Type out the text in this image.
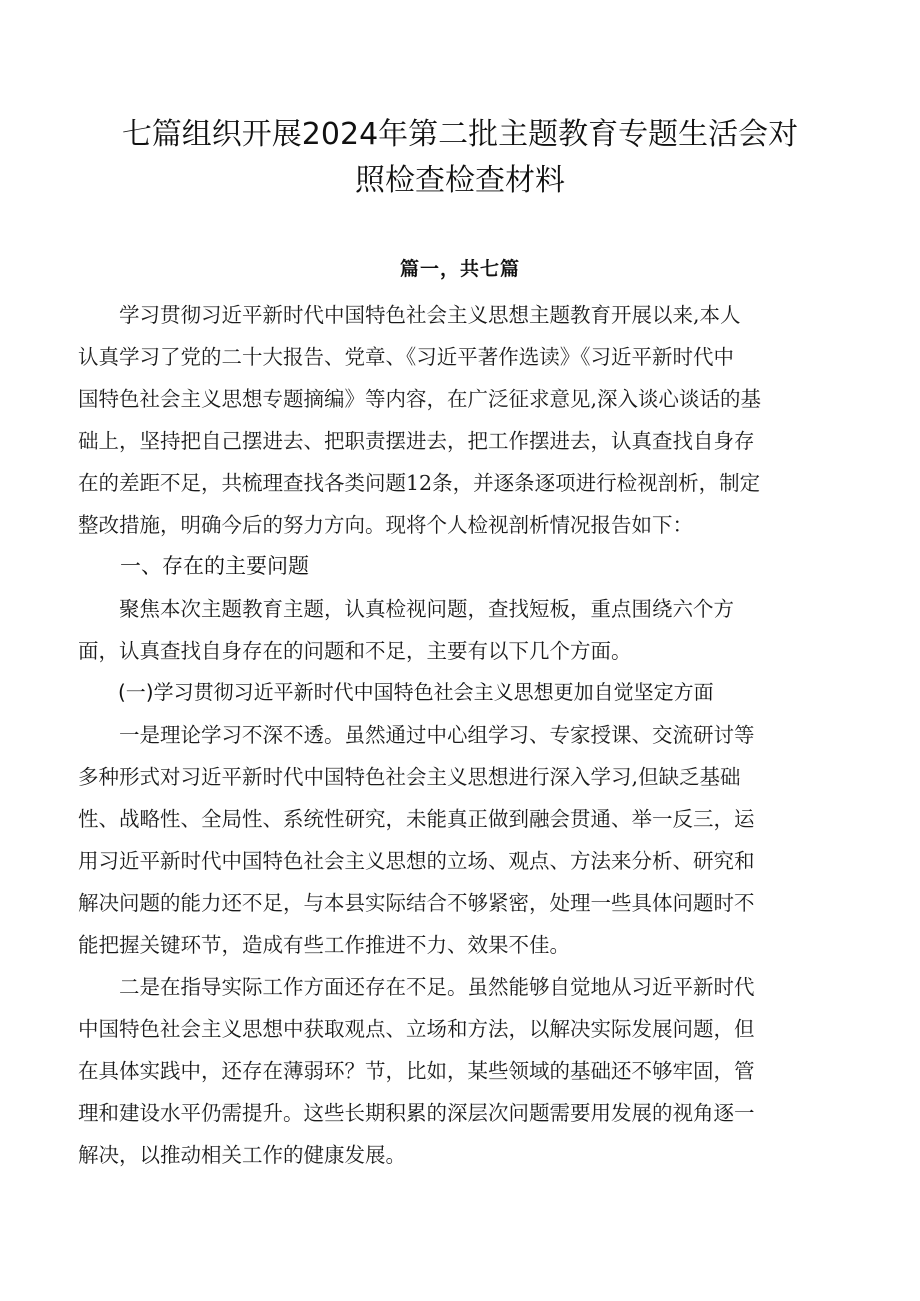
七篇组织开展2024年第二批主题教育专题生活会对
照检查检查材料
篇一，共七篇

　　学习贯彻习近平新时代中国特色社会主义思想主题教育开展以来,本人
认真学习了党的二十大报告、党章、《习近平著作选读》《习近平新时代中
国特色社会主义思想专题摘编》等内容，在广泛征求意见,深入谈心谈话的基
础上，坚持把自己摆进去、把职责摆进去，把工作摆进去，认真查找自身存
在的差距不足，共梳理查找各类问题12条，并逐条逐项进行检视剖析，制定
整改措施，明确今后的努力方向。现将个人检视剖析情况报告如下：

　　一、存在的主要问题

　　聚焦本次主题教育主题，认真检视问题，查找短板，重点围绕六个方
面，认真查找自身存在的问题和不足，主要有以下几个方面。

　　(一)学习贯彻习近平新时代中国特色社会主义思想更加自觉坚定方面

　　一是理论学习不深不透。虽然通过中心组学习、专家授课、交流研讨等
多种形式对习近平新时代中国特色社会主义思想进行深入学习,但缺乏基础
性、战略性、全局性、系统性研究，未能真正做到融会贯通、举一反三，运
用习近平新时代中国特色社会主义思想的立场、观点、方法来分析、研究和
解决问题的能力还不足，与本县实际结合不够紧密，处理一些具体问题时不
能把握关键环节，造成有些工作推进不力、效果不佳。

　　二是在指导实际工作方面还存在不足。虽然能够自觉地从习近平新时代
中国特色社会主义思想中获取观点、立场和方法，以解决实际发展问题，但
在具体实践中，还存在薄弱环？节，比如，某些领域的基础还不够牢固，管
理和建设水平仍需提升。这些长期积累的深层次问题需要用发展的视角逐一
解决，以推动相关工作的健康发展。
